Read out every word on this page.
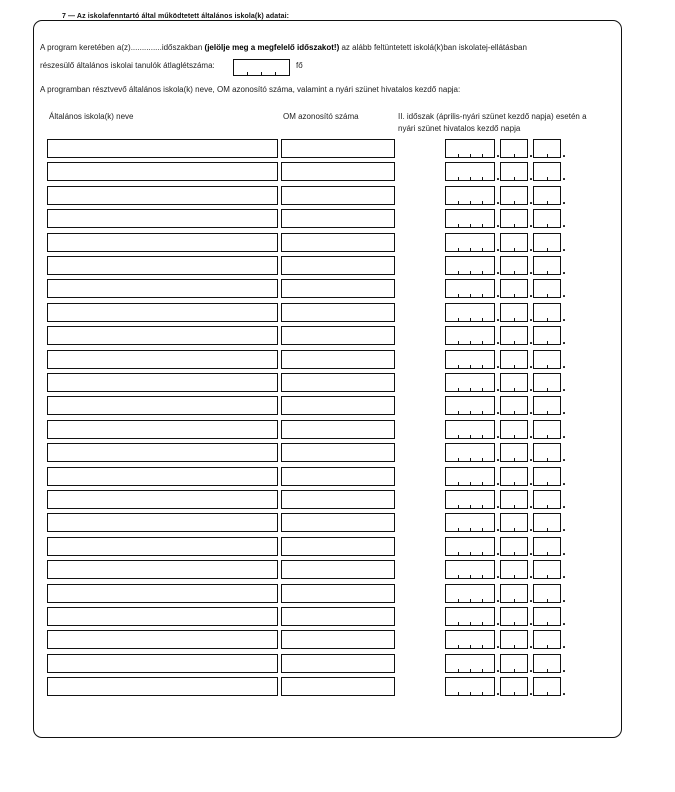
7 — Az iskolafenntartó által működtetett általános iskola(k) adatai:
A program keretében a(z)..............időszakban (jelölje meg a megfelelő időszakot!) az alább feltüntetett iskolá(k)ban iskolatej-ellátásban
részesülő általános iskolai tanulók átlaglétszáma:	fő
A programban résztvevő általános iskola(k) neve, OM azonosító száma, valamint a nyári szünet hivatalos kezdő napja:
Általános iskola(k) neve	OM azonosító száma	II. időszak (április-nyári szünet kezdő napja) esetén a
nyári szünet hivatalos kezdő napja
